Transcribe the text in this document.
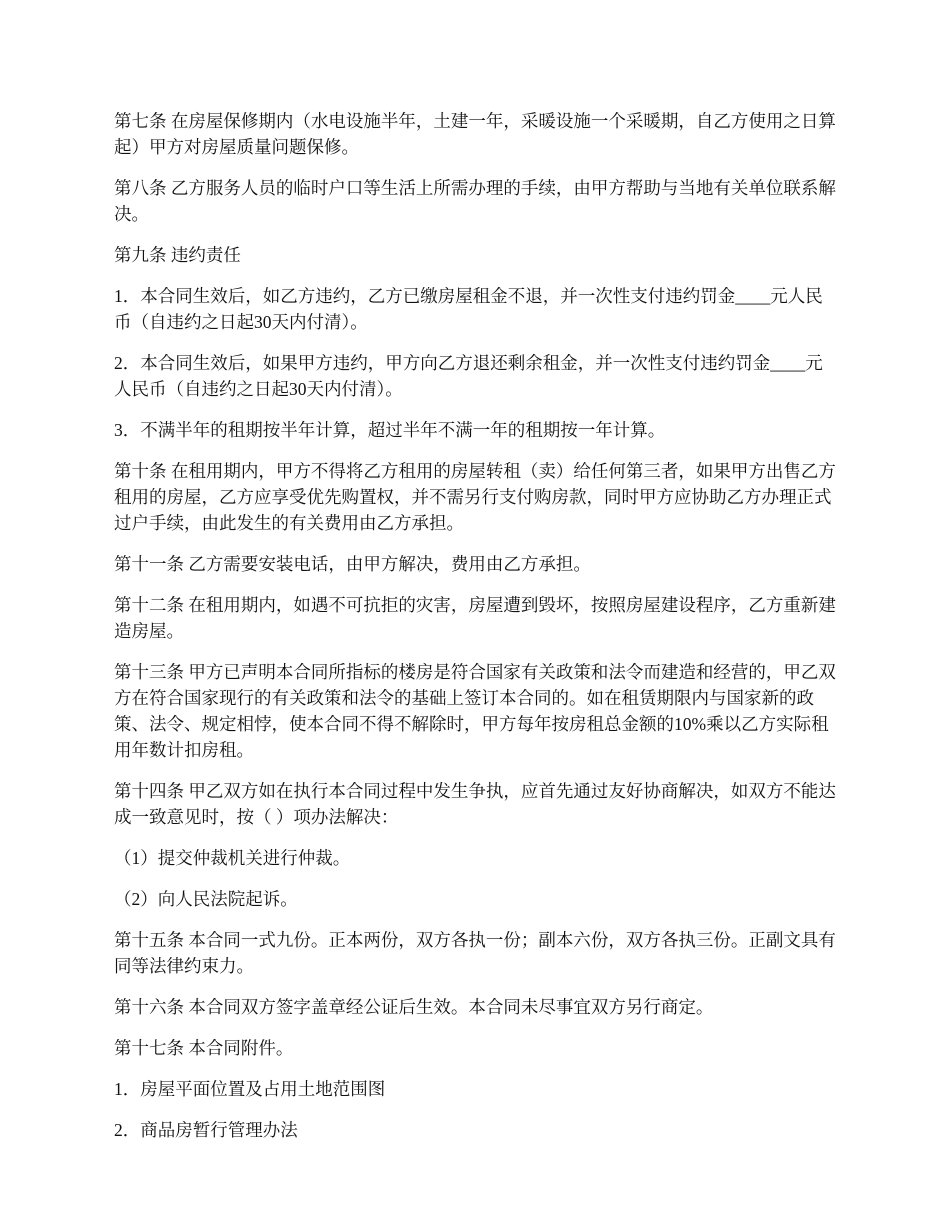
第七条 在房屋保修期内（水电设施半年，土建一年，采暖设施一个采暖期，自乙方使用之日算起）甲方对房屋质量问题保修。

第八条 乙方服务人员的临时户口等生活上所需办理的手续，由甲方帮助与当地有关单位联系解决。

第九条 违约责任

1．本合同生效后，如乙方违约，乙方已缴房屋租金不退，并一次性支付违约罚金____元人民币（自违约之日起30天内付清）。

2．本合同生效后，如果甲方违约，甲方向乙方退还剩余租金，并一次性支付违约罚金____元人民币（自违约之日起30天内付清）。

3．不满半年的租期按半年计算，超过半年不满一年的租期按一年计算。

第十条 在租用期内，甲方不得将乙方租用的房屋转租（卖）给任何第三者，如果甲方出售乙方租用的房屋，乙方应享受优先购置权，并不需另行支付购房款，同时甲方应协助乙方办理正式过户手续，由此发生的有关费用由乙方承担。

第十一条 乙方需要安装电话，由甲方解决，费用由乙方承担。

第十二条 在租用期内，如遇不可抗拒的灾害，房屋遭到毁坏，按照房屋建设程序，乙方重新建造房屋。

第十三条 甲方已声明本合同所指标的楼房是符合国家有关政策和法令而建造和经营的，甲乙双方在符合国家现行的有关政策和法令的基础上签订本合同的。如在租赁期限内与国家新的政策、法令、规定相悖，使本合同不得不解除时，甲方每年按房租总金额的10%乘以乙方实际租用年数计扣房租。

第十四条 甲乙双方如在执行本合同过程中发生争执，应首先通过友好协商解决，如双方不能达成一致意见时，按（ ）项办法解决：

（1）提交仲裁机关进行仲裁。

（2）向人民法院起诉。

第十五条 本合同一式九份。正本两份，双方各执一份；副本六份，双方各执三份。正副文具有同等法律约束力。

第十六条 本合同双方签字盖章经公证后生效。本合同未尽事宜双方另行商定。

第十七条 本合同附件。

1．房屋平面位置及占用土地范围图

2．商品房暂行管理办法
